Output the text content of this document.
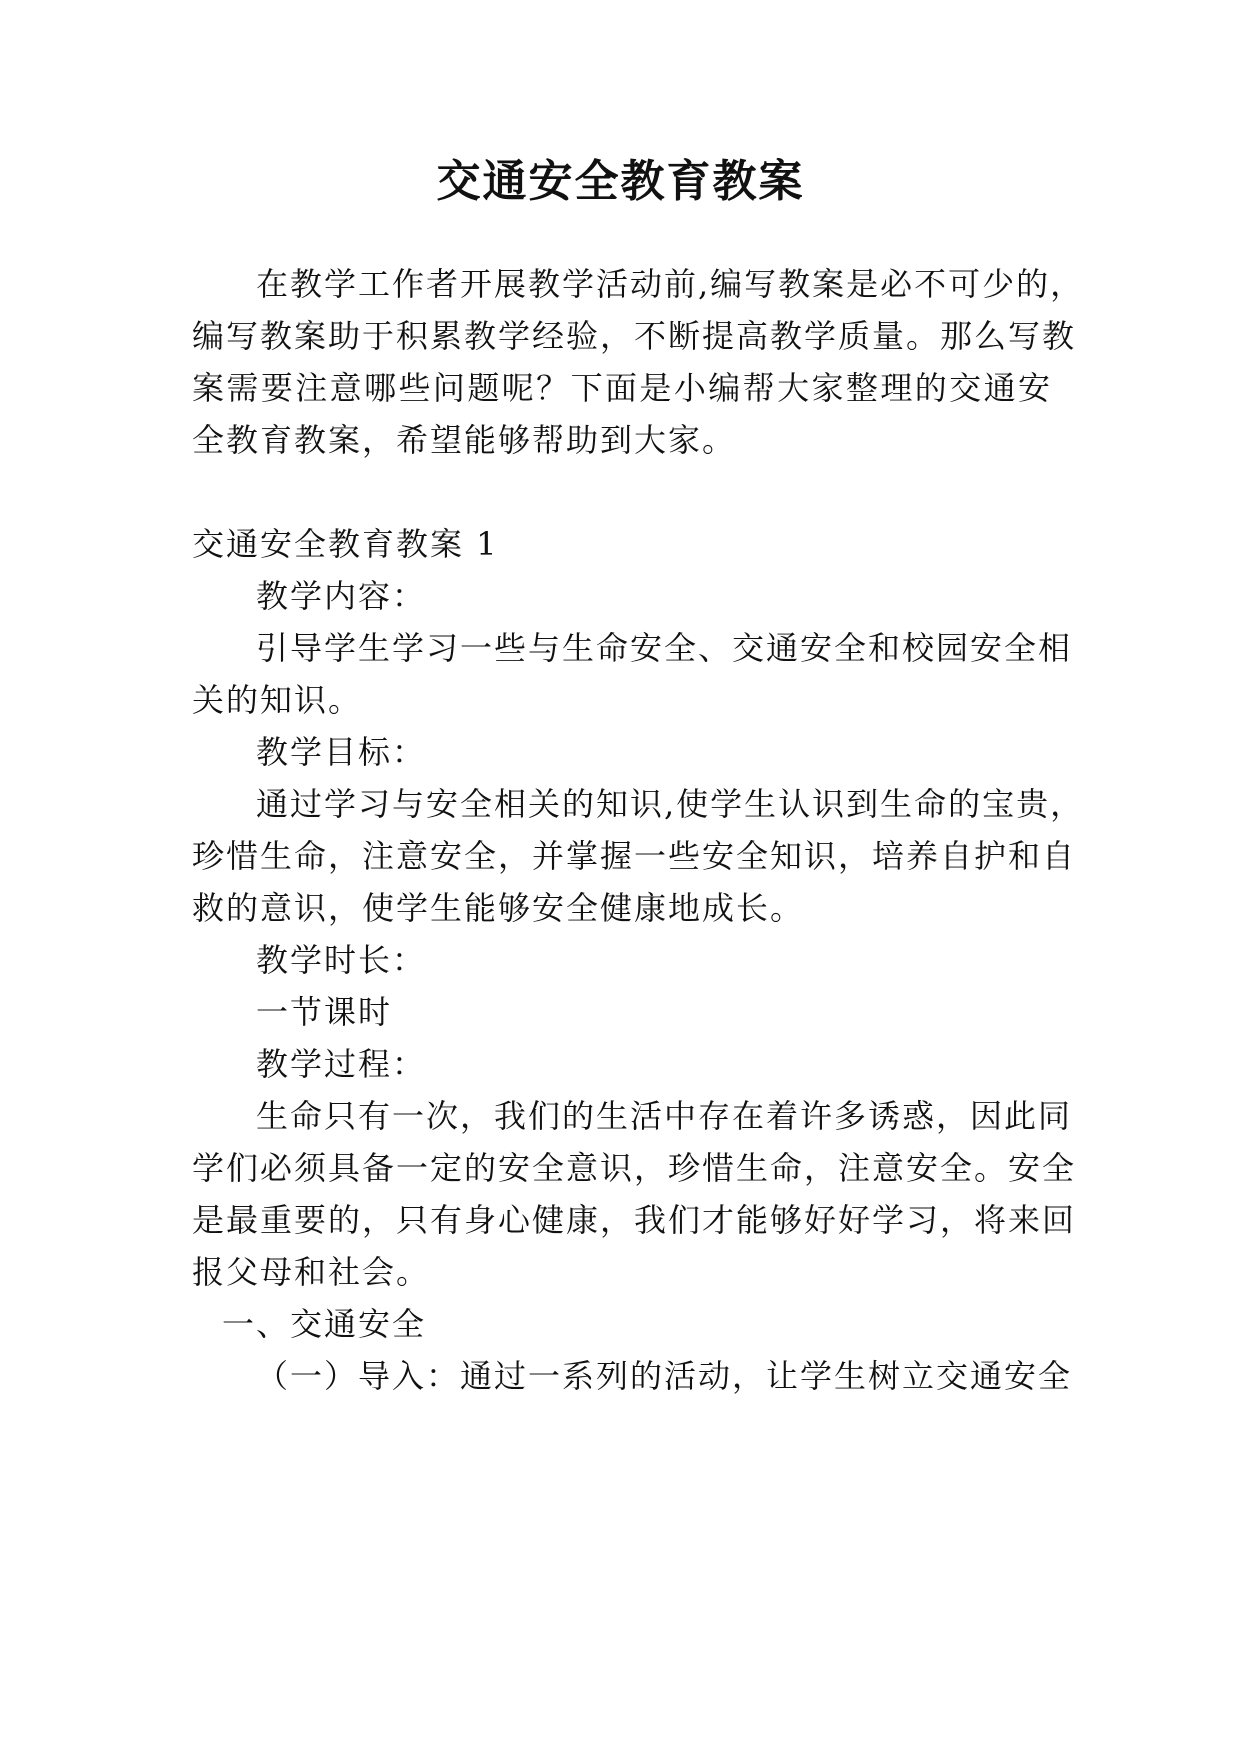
交通安全教育教案
在教学工作者开展教学活动前,编写教案是必不可少的，
编写教案助于积累教学经验，不断提高教学质量。那么写教
案需要注意哪些问题呢？下面是小编帮大家整理的交通安
全教育教案，希望能够帮助到大家。
交通安全教育教案 1
教学内容：
引导学生学习一些与生命安全、交通安全和校园安全相
关的知识。
教学目标：
通过学习与安全相关的知识,使学生认识到生命的宝贵，
珍惜生命，注意安全，并掌握一些安全知识，培养自护和自
救的意识，使学生能够安全健康地成长。
教学时长：
一节课时
教学过程：
生命只有一次，我们的生活中存在着许多诱惑，因此同
学们必须具备一定的安全意识，珍惜生命，注意安全。安全
是最重要的，只有身心健康，我们才能够好好学习，将来回
报父母和社会。
一、交通安全
（一）导入：通过一系列的活动，让学生树立交通安全
